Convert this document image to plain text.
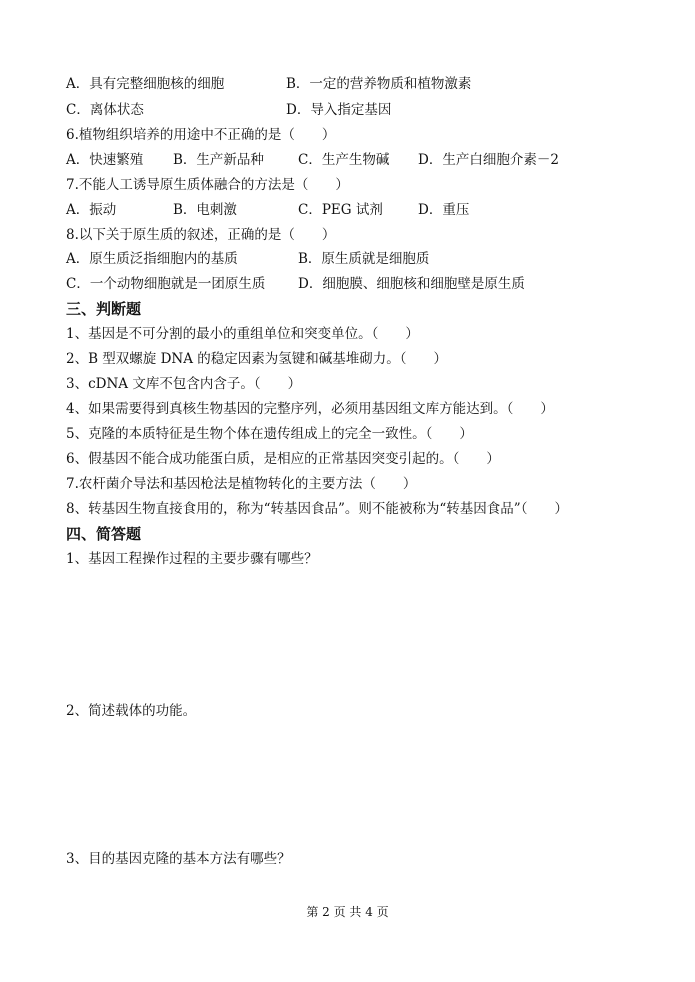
A．具有完整细胞核的细胞	B．一定的营养物质和植物激素
C．离体状态	D．导入指定基因
6.植物组织培养的用途中不正确的是（　　）
A．快速繁殖 B．生产新品种	C．生产生物碱 D．生产白细胞介素－2
7.不能人工诱导原生质体融合的方法是（　　）
A．振动	B．电刺激	C．PEG 试剂	D．重压
8.以下关于原生质的叙述，正确的是（　　）
A．原生质泛指细胞内的基质	B．原生质就是细胞质
C．一个动物细胞就是一团原生质 D．细胞膜、细胞核和细胞壁是原生质
三、判断题
1、基因是不可分割的最小的重组单位和突变单位。（　　）
2、B 型双螺旋 DNA 的稳定因素为氢键和碱基堆砌力。（　　）
3、cDNA 文库不包含内含子。（　　）
4、如果需要得到真核生物基因的完整序列，必须用基因组文库方能达到。（　　）
5、克隆的本质特征是生物个体在遗传组成上的完全一致性。（　　）
6、假基因不能合成功能蛋白质，是相应的正常基因突变引起的。（　　）
7.农杆菌介导法和基因枪法是植物转化的主要方法（　　）
8、转基因生物直接食用的，称为“转基因食品”。则不能被称为“转基因食品”（　　）
四、简答题
1、基因工程操作过程的主要步骤有哪些？
2、简述载体的功能。
3、目的基因克隆的基本方法有哪些？
第 2 页 共 4 页
